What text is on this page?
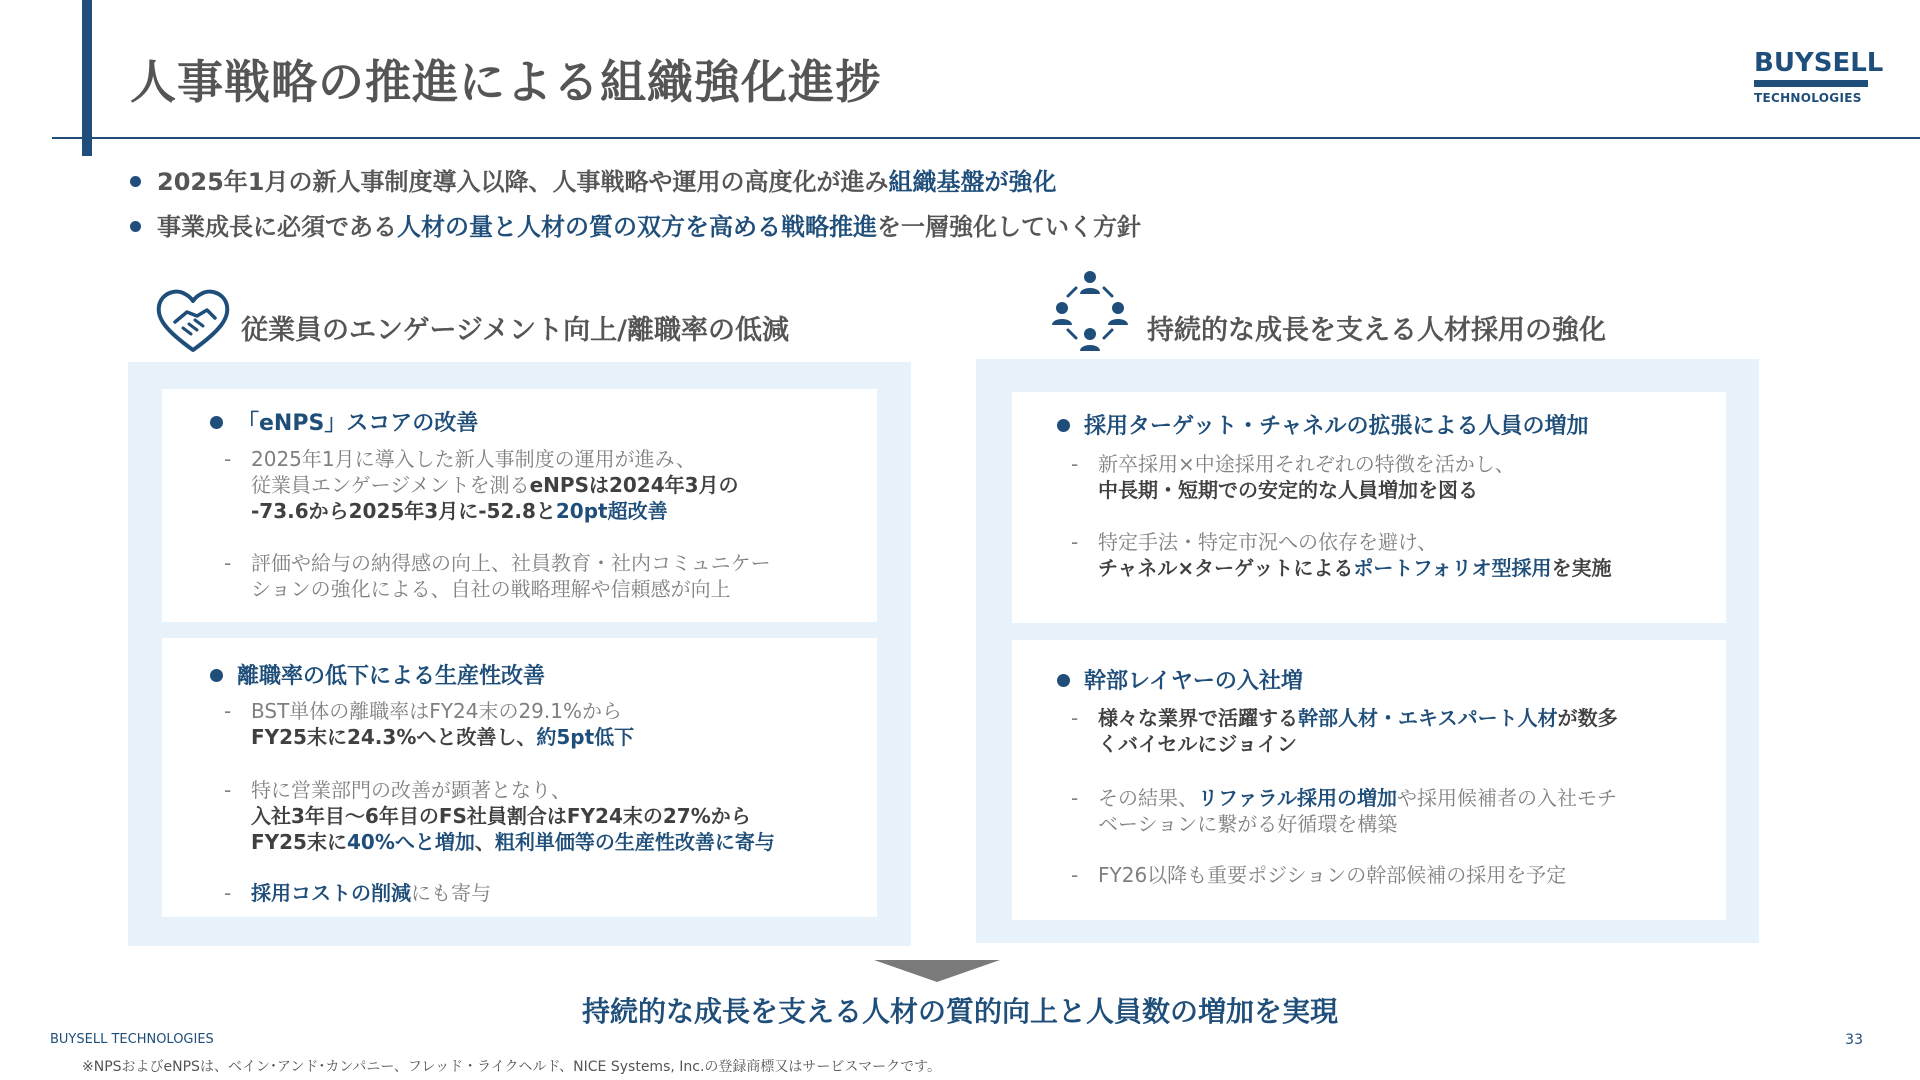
人事戦略の推進による組織強化進捗	BUYSELL
TECHNOLOGIES
2025年1月の新人事制度導入以降、人事戦略や運用の高度化が進み組織基盤が強化
事業成長に必須である人材の量と人材の質の双方を高める戦略推進を一層強化していく方針
従業員のエンゲージメント向上/離職率の低減
「eNPS」スコアの改善
- 2025年1月に導入した新人事制度の運用が進み、
従業員エンゲージメントを測るeNPSは2024年3月の
-73.6から2025年3月に-52.8と20pt超改善
- 評価や給与の納得感の向上、社員教育・社内コミュニケー
ションの強化による、自社の戦略理解や信頼感が向上
離職率の低下による生産性改善
- BST単体の離職率はFY24末の29.1%から
FY25末に24.3%へと改善し、約5pt低下
- 特に営業部門の改善が顕著となり、
入社3年目～6年目のFS社員割合はFY24末の27%から
FY25末に40%へと増加、粗利単価等の生産性改善に寄与
- 採用コストの削減にも寄与
持続的な成長を支える人材採用の強化
採用ターゲット・チャネルの拡張による人員の増加
- 新卒採用×中途採用それぞれの特徴を活かし、
中長期・短期での安定的な人員増加を図る
- 特定手法・特定市況への依存を避け、
チャネル×ターゲットによるポートフォリオ型採用を実施
幹部レイヤーの入社増
- 様々な業界で活躍する幹部人材・エキスパート人材が数多
くバイセルにジョイン
- その結果、リファラル採用の増加や採用候補者の入社モチ
ベーションに繋がる好循環を構築
- FY26以降も重要ポジションの幹部候補の採用を予定
持続的な成長を支える人材の質的向上と人員数の増加を実現
BUYSELL TECHNOLOGIES	33
※NPSおよびeNPSは、ベイン･アンド･カンパニー、フレッド・ライクヘルド、NICE Systems, Inc.の登録商標又はサービスマークです。
